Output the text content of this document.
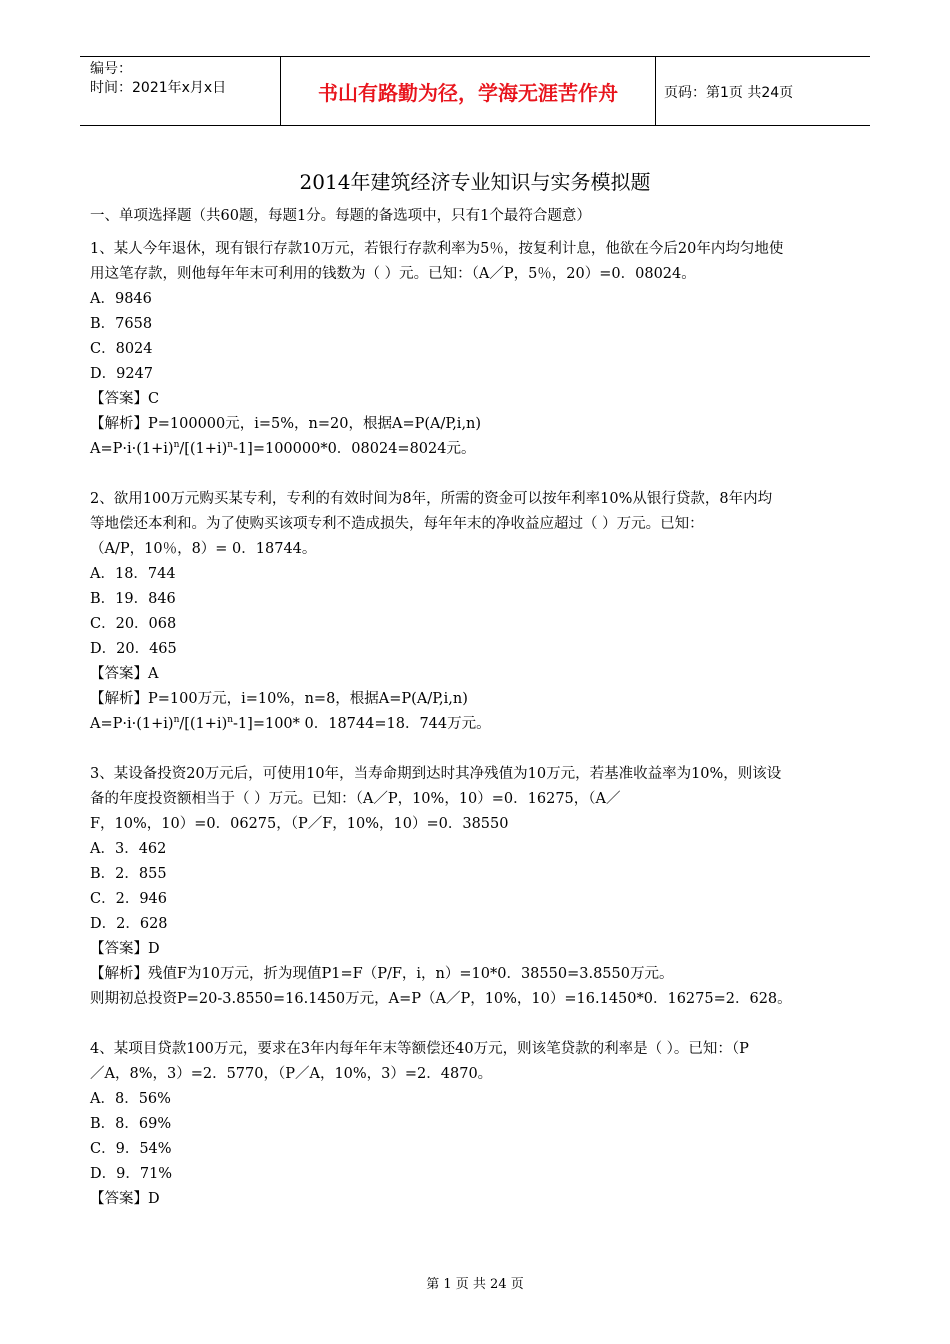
编号：
时间：2021年x月x日	书山有路勤为径，学海无涯苦作舟	页码：第1页 共24页
2014年建筑经济专业知识与实务模拟题

一、单项选择题（共60题，每题1分。每题的备选项中，只有1个最符合题意）

1、某人今年退休，现有银行存款10万元，若银行存款利率为5％，按复利计息，他欲在今后20年内均匀地使

用这笔存款，则他每年年末可利用的钱数为（ ）元。已知：（A／P，5％，20）=0．08024。

A．9846

B．7658

C．8024

D．9247

【答案】C

【解析】P=100000元，i=5%，n=20，根据A=P(A/P,i,n)

$A=P\cdot i\cdot(1+i)^n/[(1+i)^n-1]=100000*0$．08024=8024元。

2、欲用100万元购买某专利，专利的有效时间为8年，所需的资金可以按年利率10%从银行贷款，8年内均

等地偿还本利和。为了使购买该项专利不造成损失，每年年末的净收益应超过（ ）万元。已知：

（A/P，10％，8）= 0．18744。

A．18．744

B．19．846

C．20．068

D．20．465

【答案】A

【解析】P=100万元，i=10%，n=8，根据A=P(A/P,i,n)

$A=P\cdot i\cdot(1+i)^n/[(1+i)^n-1]=100*$ 0．18744=18．744万元。

3、某设备投资20万元后，可使用10年，当寿命期到达时其净残值为10万元，若基准收益率为10%，则该设

备的年度投资额相当于（ ）万元。已知：（A／P，10%，10）=0．16275，（A／

F，10%，10）=0．06275，（P／F，10%，10）=0．38550

A．3．462

B．2．855

C．2．946

D．2．628

【答案】D

【解析】残值F为10万元，折为现值P1=F（P/F，i，n）=10*0．38550=3.8550万元。

则期初总投资P=20-3.8550=16.1450万元，A=P（A／P，10%，10）=16.1450*0．16275=2．628。

4、某项目贷款100万元，要求在3年内每年年末等额偿还40万元，则该笔贷款的利率是（ ）。已知：（P

／A，8%，3）=2．5770，（P／A，10%，3）=2．4870。

A．8．56%

B．8．69%

C．9．54%

D．9．71%

【答案】D

第 1 页 共 24 页
